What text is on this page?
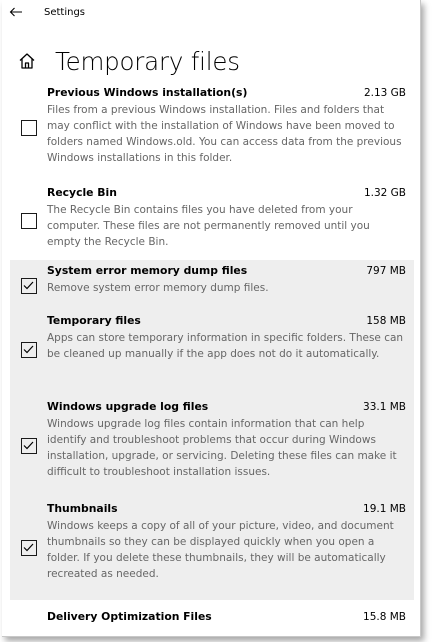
Settings
Temporary files
Previous Windows installation(s)	2.13 GB
Files from a previous Windows installation. Files and folders that may conflict with the installation of Windows have been moved to folders named Windows.old. You can access data from the previous Windows installations in this folder.
Recycle Bin	1.32 GB
The Recycle Bin contains files you have deleted from your computer. These files are not permanently removed until you empty the Recycle Bin.
System error memory dump files	797 MB
Remove system error memory dump files.
Temporary files	158 MB
Apps can store temporary information in specific folders. These can be cleaned up manually if the app does not do it automatically.
Windows upgrade log files	33.1 MB
Windows upgrade log files contain information that can help identify and troubleshoot problems that occur during Windows installation, upgrade, or servicing. Deleting these files can make it difficult to troubleshoot installation issues.
Thumbnails	19.1 MB
Windows keeps a copy of all of your picture, video, and document thumbnails so they can be displayed quickly when you open a folder. If you delete these thumbnails, they will be automatically recreated as needed.
Delivery Optimization Files	15.8 MB
